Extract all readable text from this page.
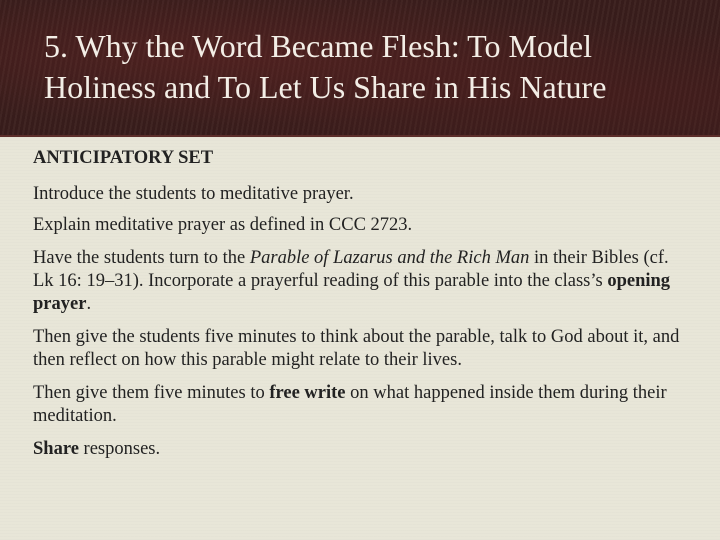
5. Why the Word Became Flesh: To Model Holiness and To Let Us Share in His Nature

ANTICIPATORY SET

Introduce the students to meditative prayer.

Explain meditative prayer as defined in CCC 2723.

Have the students turn to the Parable of Lazarus and the Rich Man in their Bibles (cf. Lk 16: 19–31). Incorporate a prayerful reading of this parable into the class’s opening prayer.

Then give the students five minutes to think about the parable, talk to God about it, and then reflect on how this parable might relate to their lives.

Then give them five minutes to free write on what happened inside them during their meditation.

Share responses.
